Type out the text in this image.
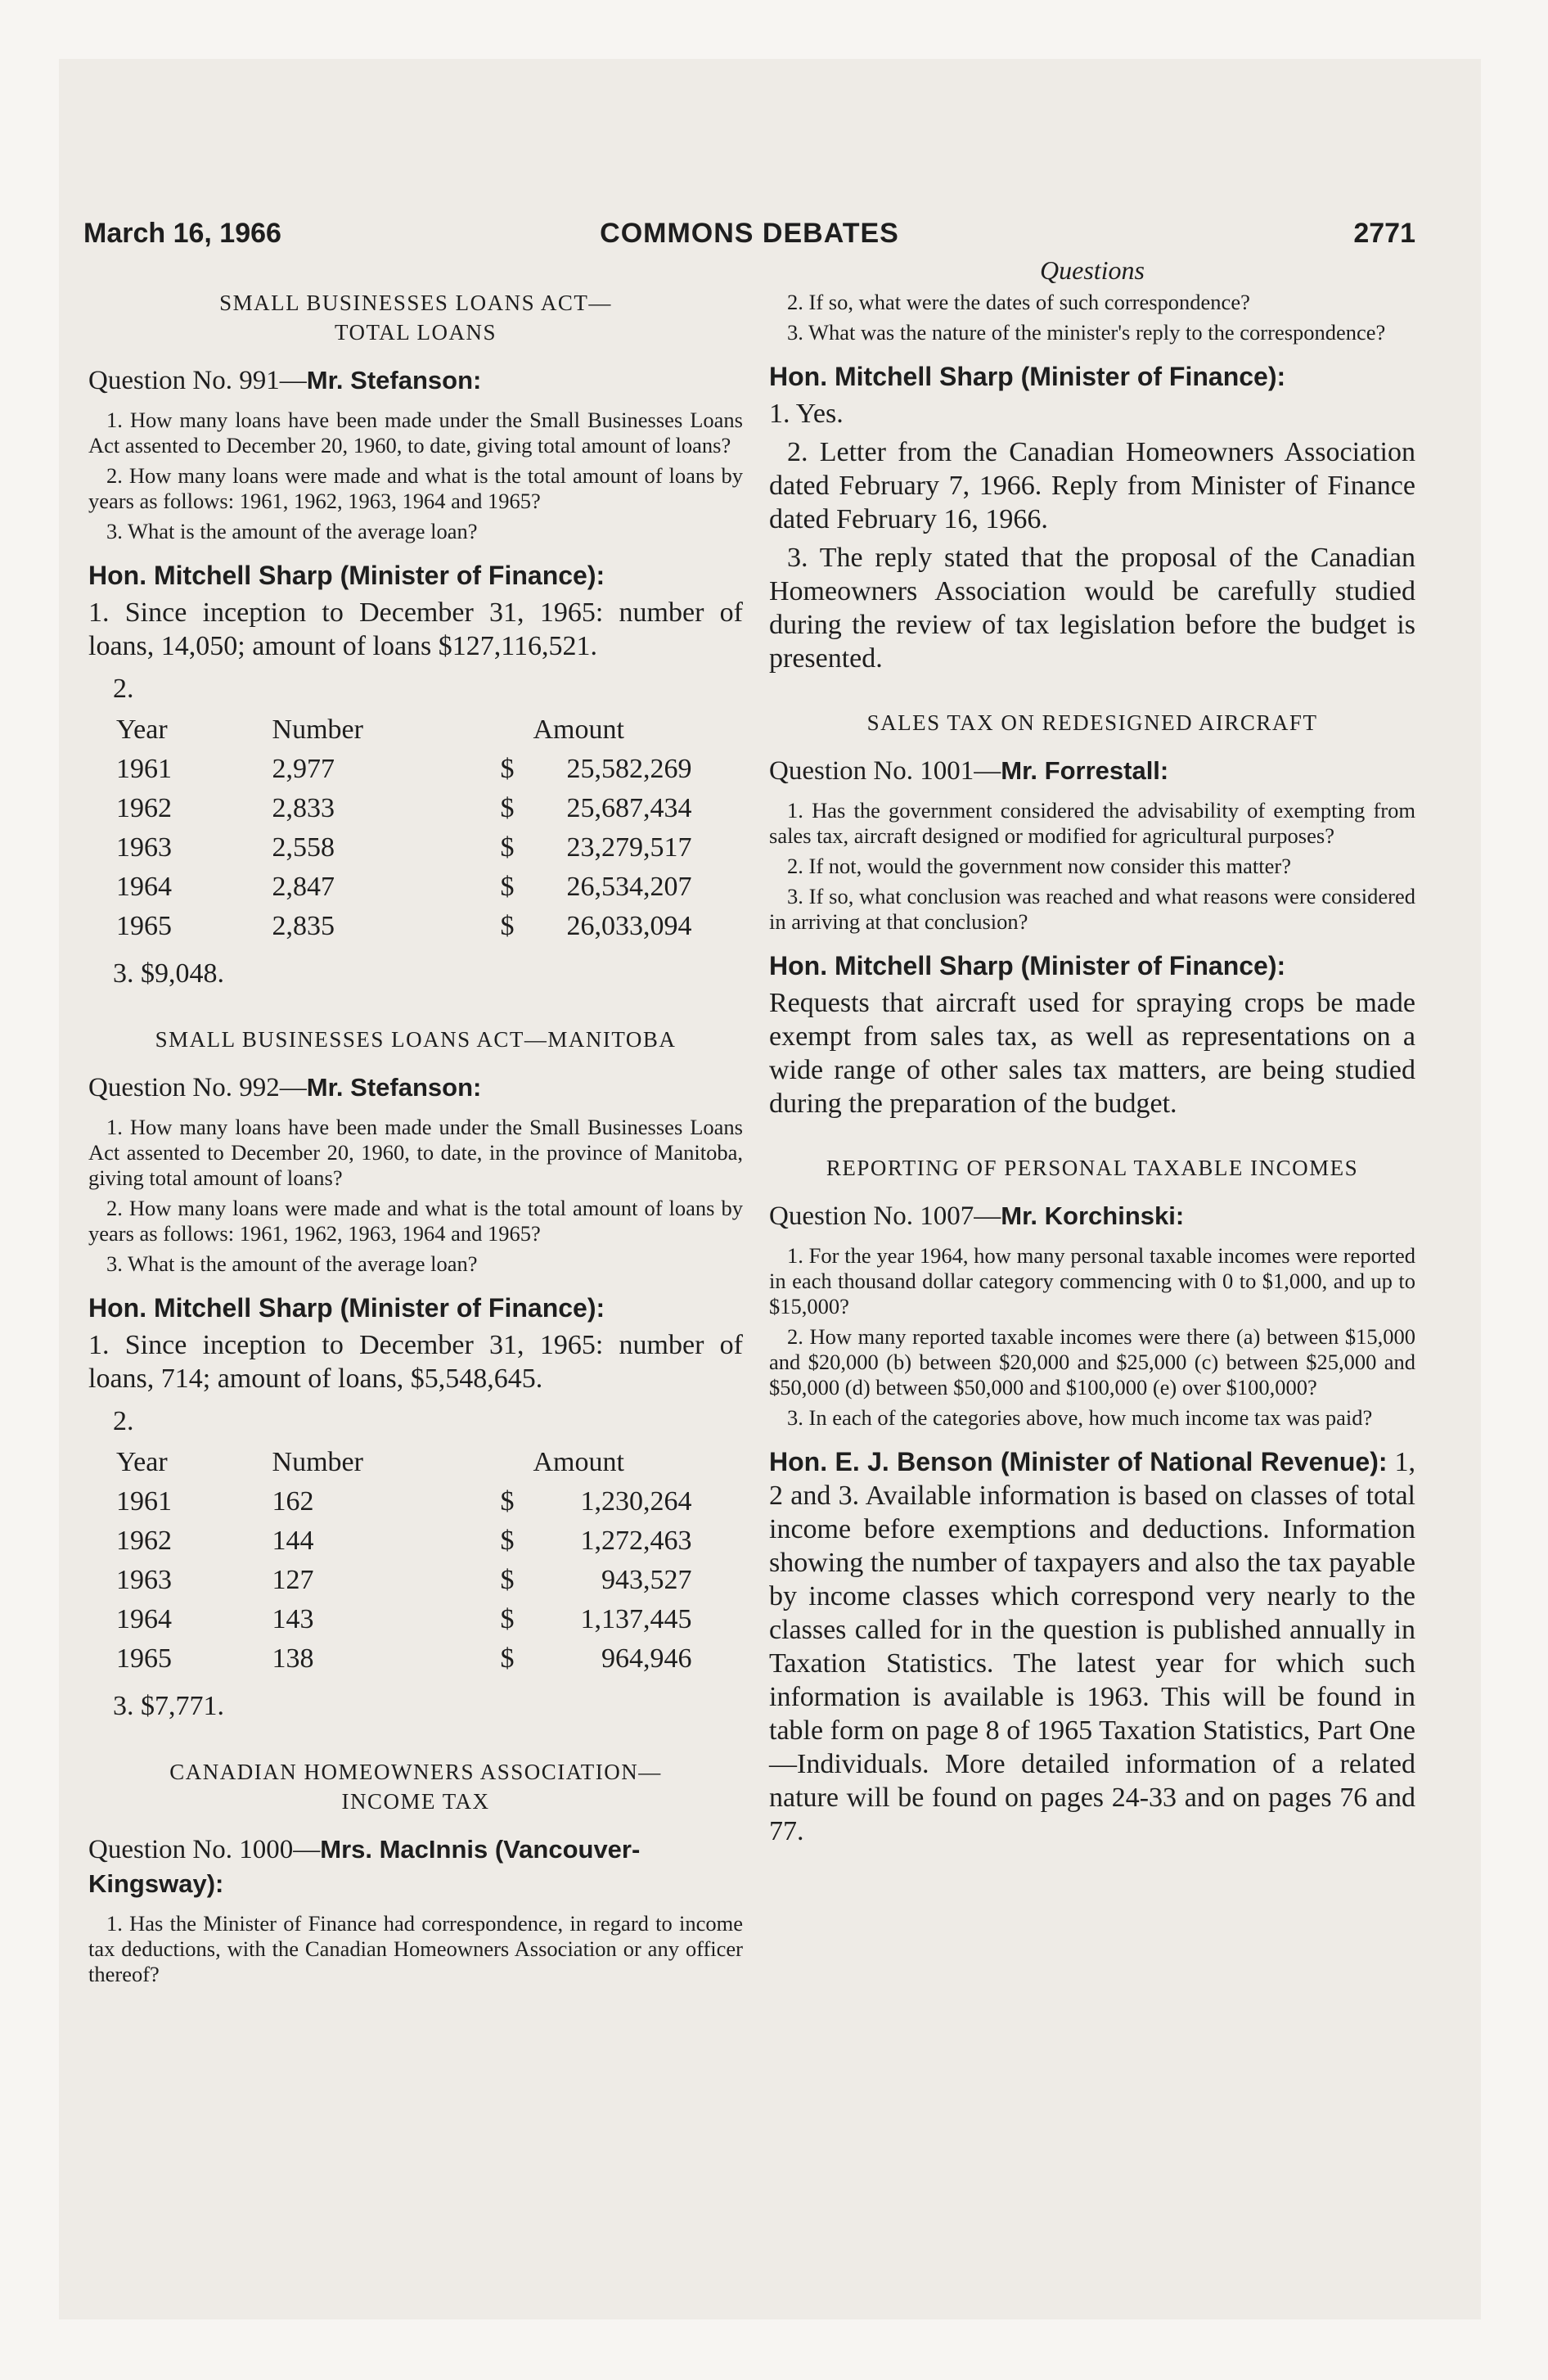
March 16, 1966	COMMONS DEBATES	2771
SMALL BUSINESSES LOANS ACT—
TOTAL LOANS
Question No. 991—Mr. Stefanson:

1. How many loans have been made under the Small Businesses Loans Act assented to December 20, 1960, to date, giving total amount of loans?

2. How many loans were made and what is the total amount of loans by years as follows: 1961, 1962, 1963, 1964 and 1965?

3. What is the amount of the average loan?

Hon. Mitchell Sharp (Minister of Finance):

1. Since inception to December 31, 1965: number of loans, 14,050; amount of loans $127,116,521.

2.
Year	Number	Amount
1961	2,977	$ 25,582,269
1962	2,833	$ 25,687,434
1963	2,558	$ 23,279,517
1964	2,847	$ 26,534,207
1965	2,835	$ 26,033,094
3. $9,048.
SMALL BUSINESSES LOANS ACT—MANITOBA
Question No. 992—Mr. Stefanson:

1. How many loans have been made under the Small Businesses Loans Act assented to December 20, 1960, to date, in the province of Manitoba, giving total amount of loans?

2. How many loans were made and what is the total amount of loans by years as follows: 1961, 1962, 1963, 1964 and 1965?

3. What is the amount of the average loan?

Hon. Mitchell Sharp (Minister of Finance):

1. Since inception to December 31, 1965: number of loans, 714; amount of loans, $5,548,645.

2.
Year	Number	Amount
1961	162	$ 1,230,264
1962	144	$ 1,272,463
1963	127	$ 943,527
1964	143	$ 1,137,445
1965	138	$ 964,946
3. $7,771.
CANADIAN HOMEOWNERS ASSOCIATION—
INCOME TAX
Question No. 1000—Mrs. MacInnis (Vancouver-Kingsway):

1. Has the Minister of Finance had correspondence, in regard to income tax deductions, with the Canadian Homeowners Association or any officer thereof?

Questions

2. If so, what were the dates of such correspondence?

3. What was the nature of the minister's reply to the correspondence?

Hon. Mitchell Sharp (Minister of Finance):

1. Yes.

2. Letter from the Canadian Homeowners Association dated February 7, 1966. Reply from Minister of Finance dated February 16, 1966.

3. The reply stated that the proposal of the Canadian Homeowners Association would be carefully studied during the review of tax legislation before the budget is presented.

SALES TAX ON REDESIGNED AIRCRAFT
Question No. 1001—Mr. Forrestall:

1. Has the government considered the advisability of exempting from sales tax, aircraft designed or modified for agricultural purposes?

2. If not, would the government now consider this matter?

3. If so, what conclusion was reached and what reasons were considered in arriving at that conclusion?

Hon. Mitchell Sharp (Minister of Finance):

Requests that aircraft used for spraying crops be made exempt from sales tax, as well as representations on a wide range of other sales tax matters, are being studied during the preparation of the budget.

REPORTING OF PERSONAL TAXABLE INCOMES
Question No. 1007—Mr. Korchinski:

1. For the year 1964, how many personal taxable incomes were reported in each thousand dollar category commencing with 0 to $1,000, and up to $15,000?

2. How many reported taxable incomes were there (a) between $15,000 and $20,000 (b) between $20,000 and $25,000 (c) between $25,000 and $50,000 (d) between $50,000 and $100,000 (e) over $100,000?

3. In each of the categories above, how much income tax was paid?

Hon. E. J. Benson (Minister of National Revenue): 1, 2 and 3. Available information is based on classes of total income before exemptions and deductions. Information showing the number of taxpayers and also the tax payable by income classes which correspond very nearly to the classes called for in the question is published annually in Taxation Statistics. The latest year for which such information is available is 1963. This will be found in table form on page 8 of 1965 Taxation Statistics, Part One—Individuals. More detailed information of a related nature will be found on pages 24-33 and on pages 76 and 77.
